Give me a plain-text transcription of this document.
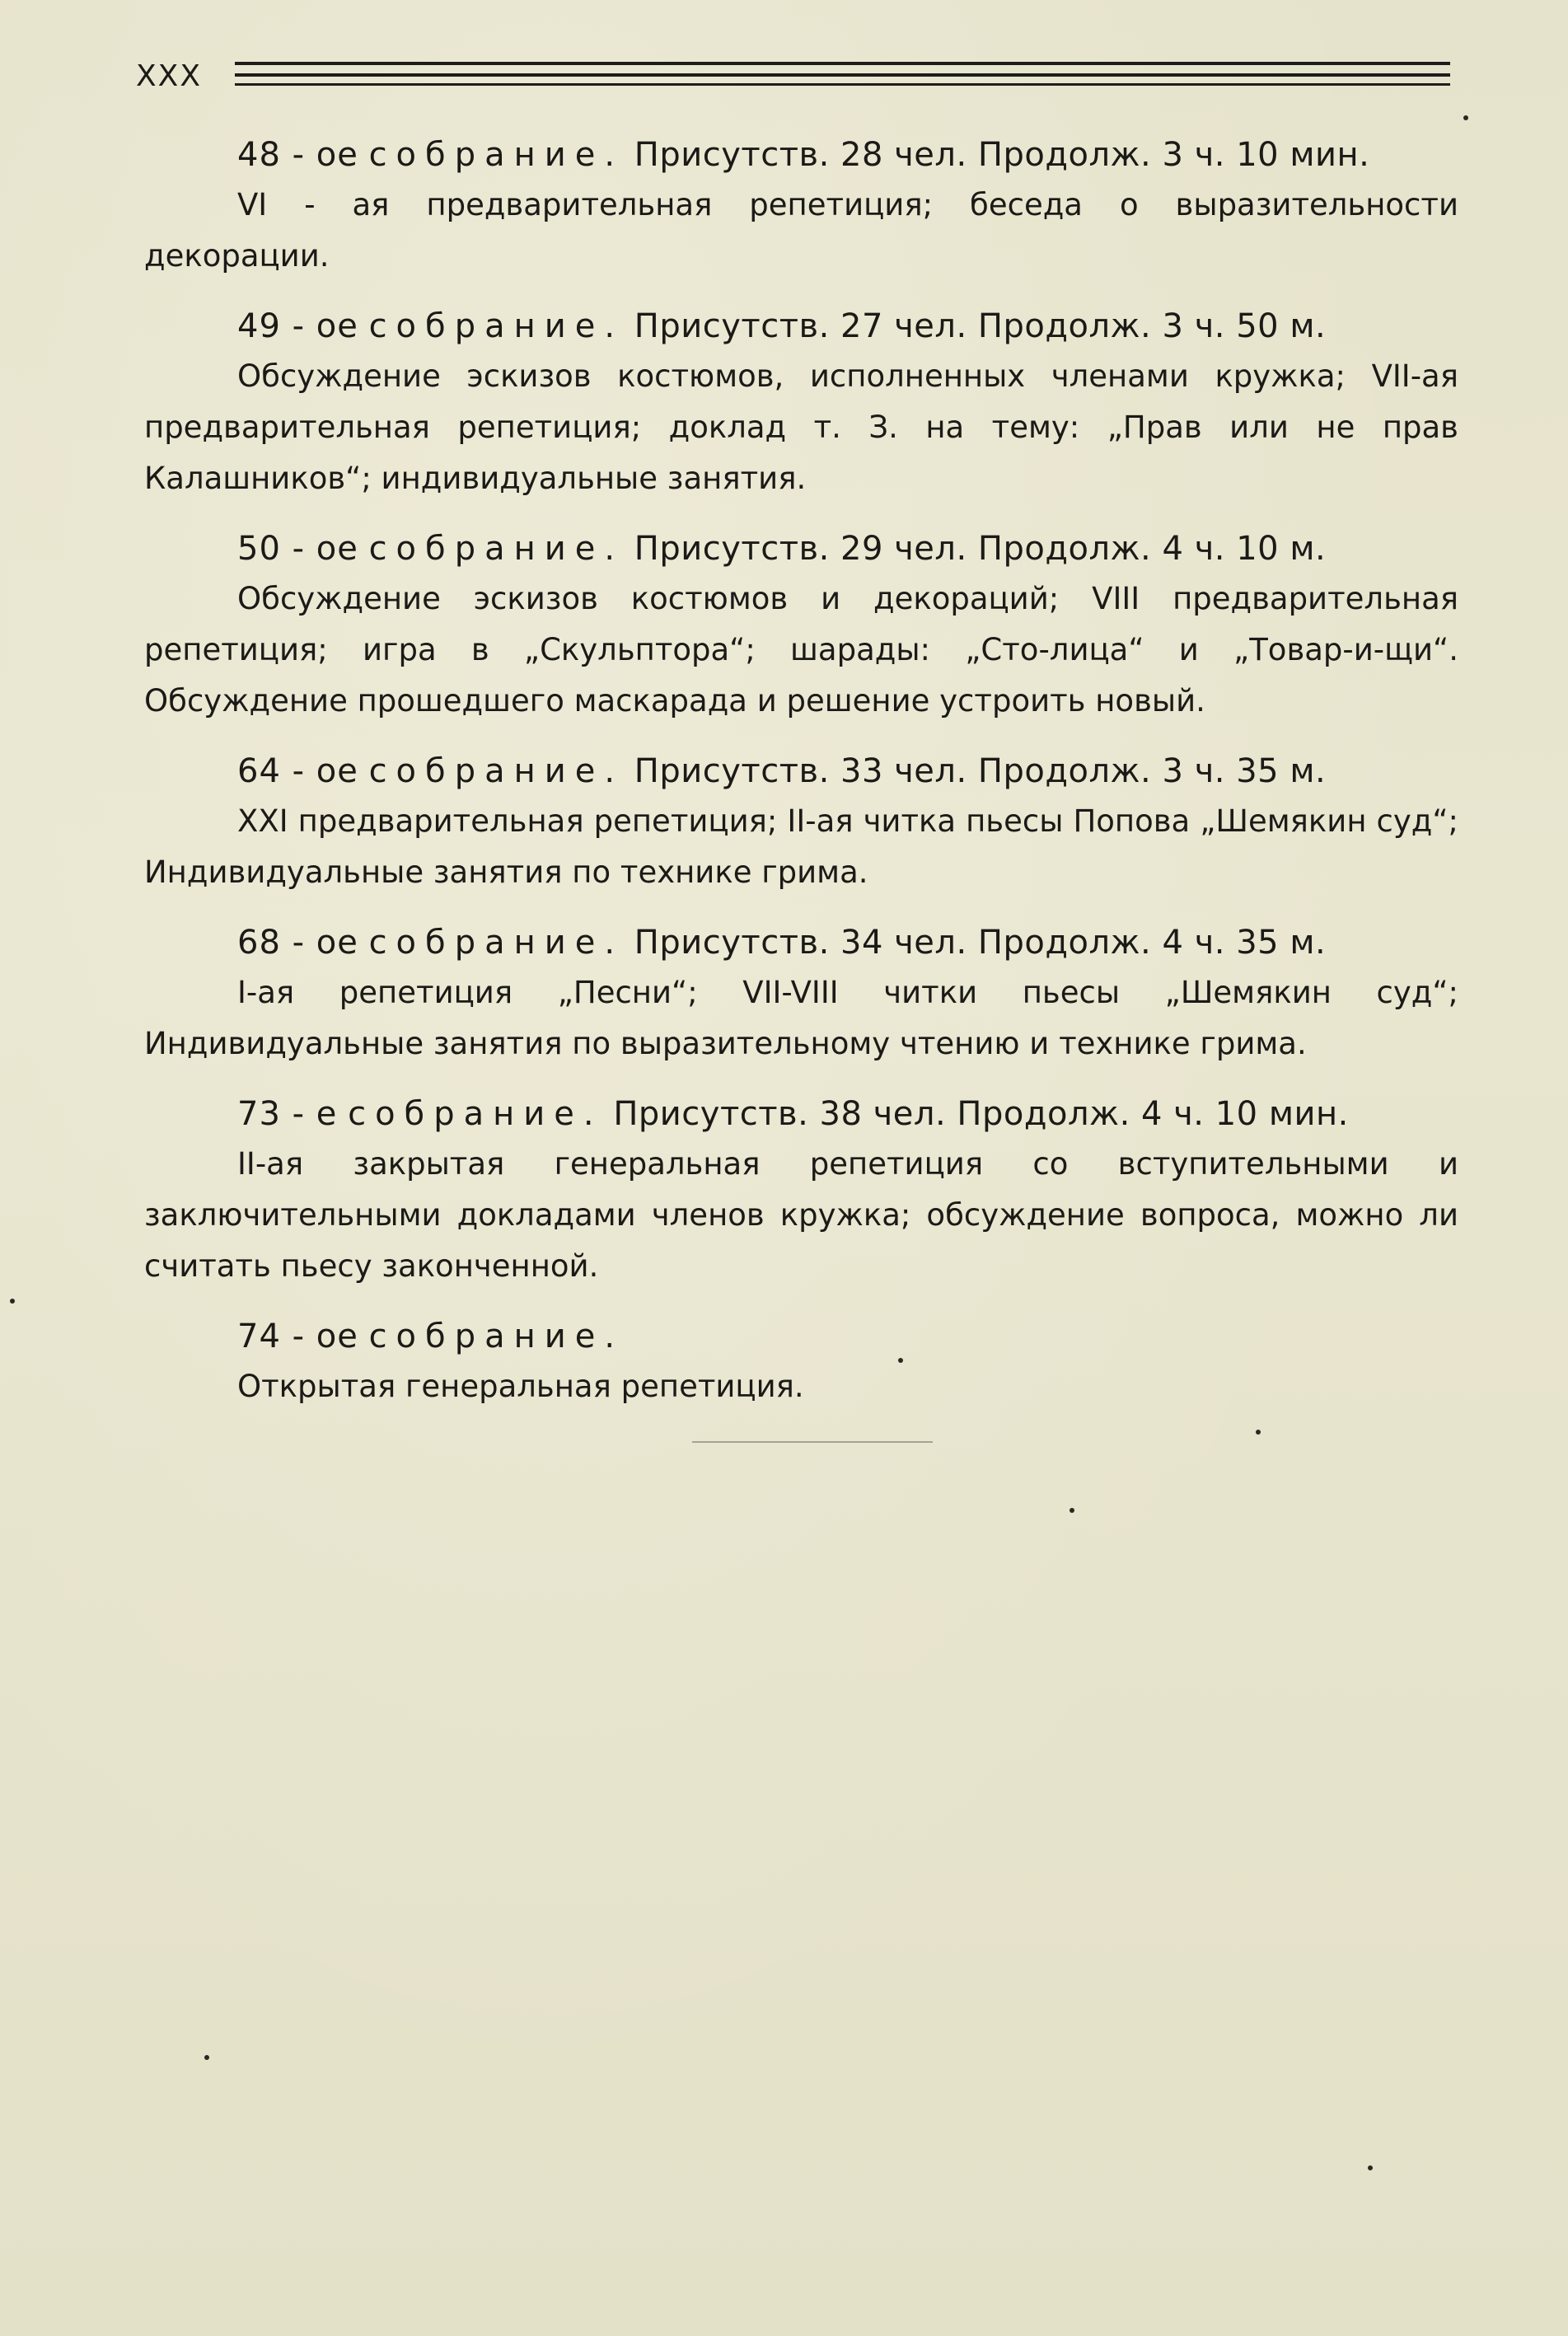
XXX
48 - ое собрание. Присутств. 28 чел. Продолж. 3 ч. 10 мин.
VI - ая предварительная репетиция; беседа о выразительности декорации.
49 - ое собрание. Присутств. 27 чел. Продолж. 3 ч. 50 м.
Обсуждение эскизов костюмов, исполненных членами кружка; VII-ая предварительная репетиция; доклад т. З. на тему: „Прав или не прав Калашников“; индивидуальные занятия.
50 - ое собрание. Присутств. 29 чел. Продолж. 4 ч. 10 м.
Обсуждение эскизов костюмов и декораций; VIII предварительная репетиция; игра в „Скульптора“; шарады: „Сто-лица“ и „Товар-и-щи“. Обсуждение прошедшего маскарада и решение устроить новый.
64 - ое собрание. Присутств. 33 чел. Продолж. 3 ч. 35 м.
XXI предварительная репетиция; II-ая читка пьесы Попова „Шемякин суд“; Индивидуальные занятия по технике грима.
68 - ое собрание. Присутств. 34 чел. Продолж. 4 ч. 35 м.
I-ая репетиция „Песни“; VII-VIII читки пьесы „Шемякин суд“; Индивидуальные занятия по выразительному чтению и технике грима.
73 - е собрание. Присутств. 38 чел. Продолж. 4 ч. 10 мин.
II-ая закрытая генеральная репетиция со вступительными и заключительными докладами членов кружка; обсуждение вопроса, можно ли считать пьесу законченной.
74 - ое собрание.
Открытая генеральная репетиция.
